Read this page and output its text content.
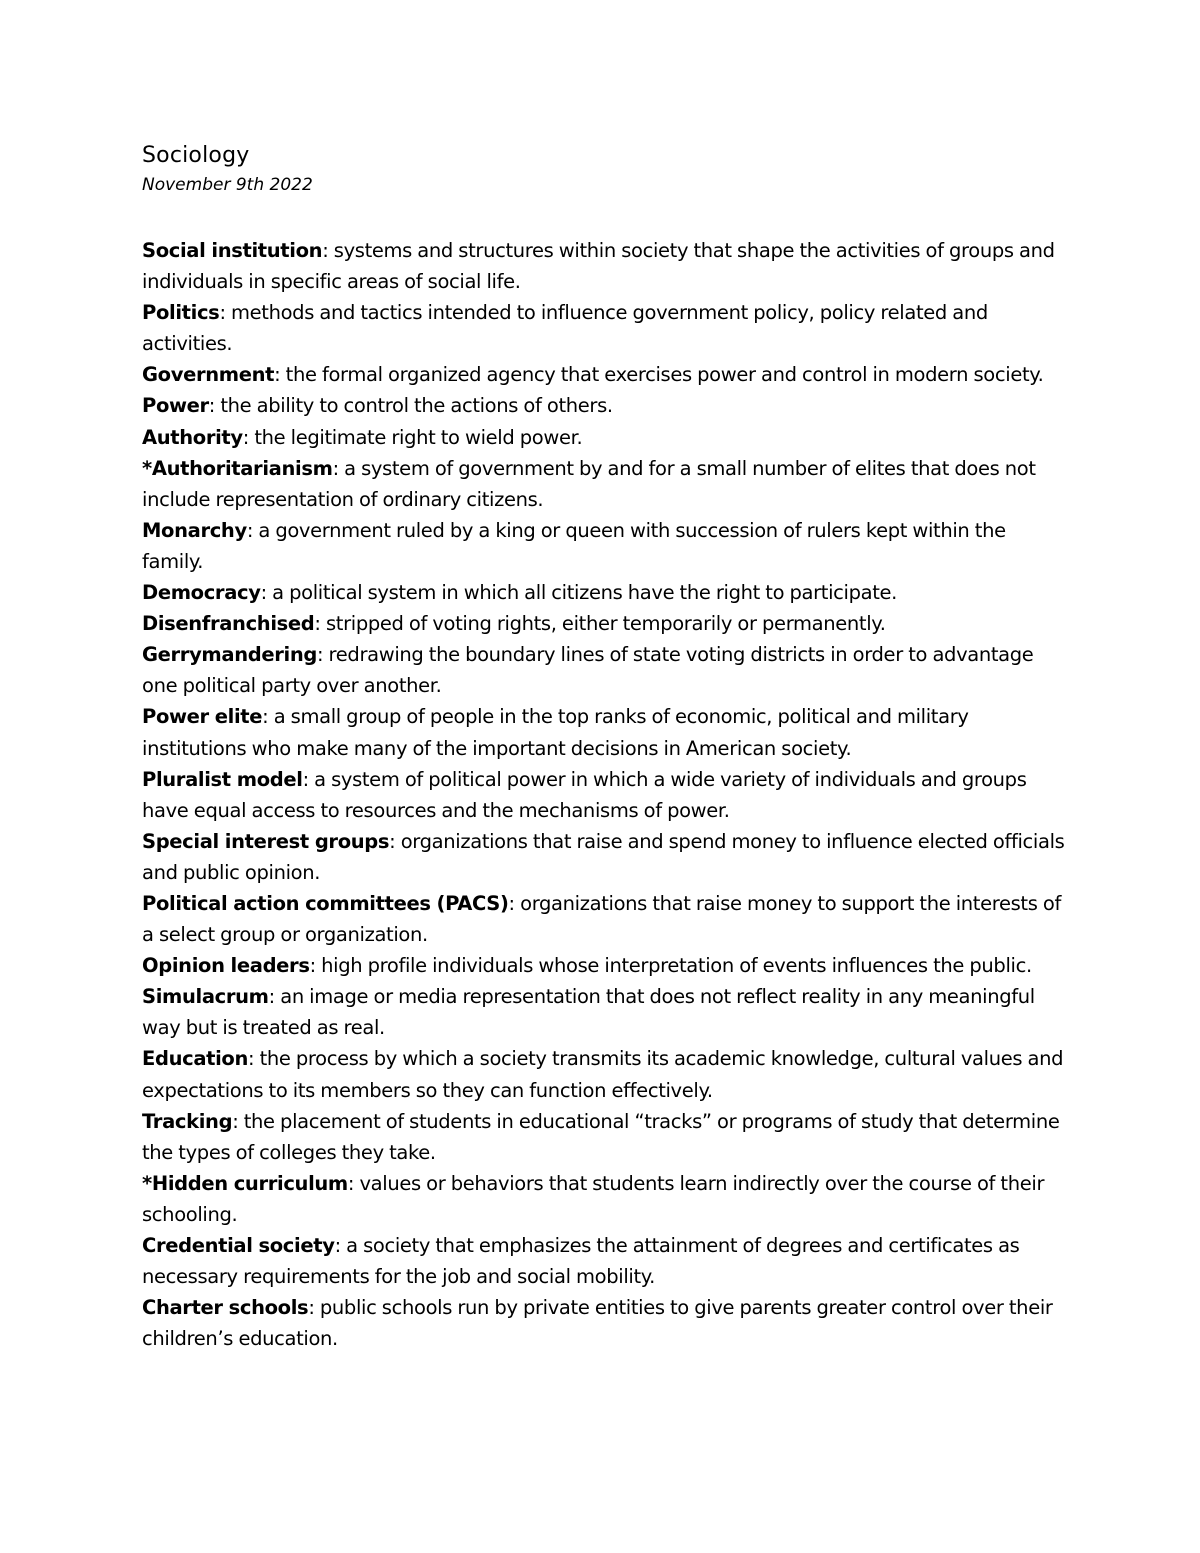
Sociology

November 9th 2022

Social institution: systems and structures within society that shape the activities of groups and individuals in specific areas of social life.

Politics: methods and tactics intended to influence government policy, policy related and activities.

Government: the formal organized agency that exercises power and control in modern society.

Power: the ability to control the actions of others.

Authority: the legitimate right to wield power.

*Authoritarianism: a system of government by and for a small number of elites that does not include representation of ordinary citizens.

Monarchy: a government ruled by a king or queen with succession of rulers kept within the family.

Democracy: a political system in which all citizens have the right to participate.

Disenfranchised: stripped of voting rights, either temporarily or permanently.

Gerrymandering: redrawing the boundary lines of state voting districts in order to advantage one political party over another.

Power elite: a small group of people in the top ranks of economic, political and military institutions who make many of the important decisions in American society.

Pluralist model: a system of political power in which a wide variety of individuals and groups have equal access to resources and the mechanisms of power.

Special interest groups: organizations that raise and spend money to influence elected officials and public opinion.

Political action committees (PACS): organizations that raise money to support the interests of a select group or organization.

Opinion leaders: high profile individuals whose interpretation of events influences the public.

Simulacrum: an image or media representation that does not reflect reality in any meaningful way but is treated as real.

Education: the process by which a society transmits its academic knowledge, cultural values and expectations to its members so they can function effectively.

Tracking: the placement of students in educational “tracks” or programs of study that determine the types of colleges they take.

*Hidden curriculum: values or behaviors that students learn indirectly over the course of their schooling.

Credential society: a society that emphasizes the attainment of degrees and certificates as necessary requirements for the job and social mobility.

Charter schools: public schools run by private entities to give parents greater control over their children’s education.
